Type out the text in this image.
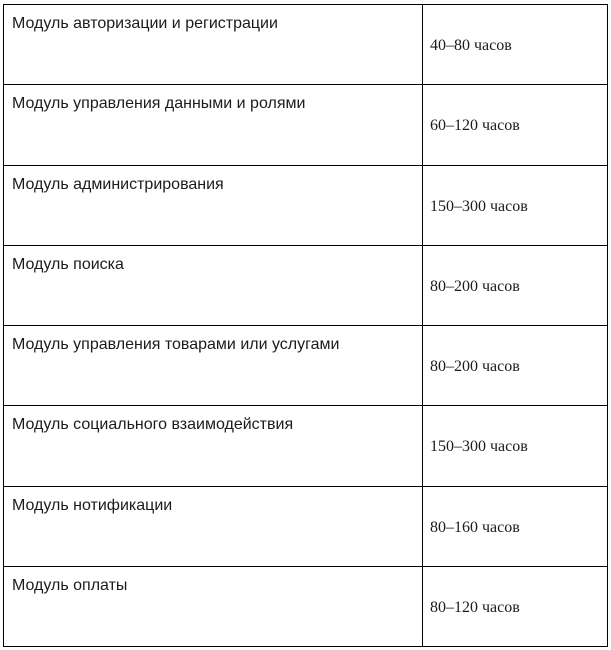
Модуль авторизации и регистрации	40–80 часов

Модуль управления данными и ролями	60–120 часов

Модуль администрирования	150–300 часов

Модуль поиска	80–200 часов

Модуль управления товарами или услугами	80–200 часов

Модуль социального взаимодействия	150–300 часов

Модуль нотификации	80–160 часов

Модуль оплаты	80–120 часов
